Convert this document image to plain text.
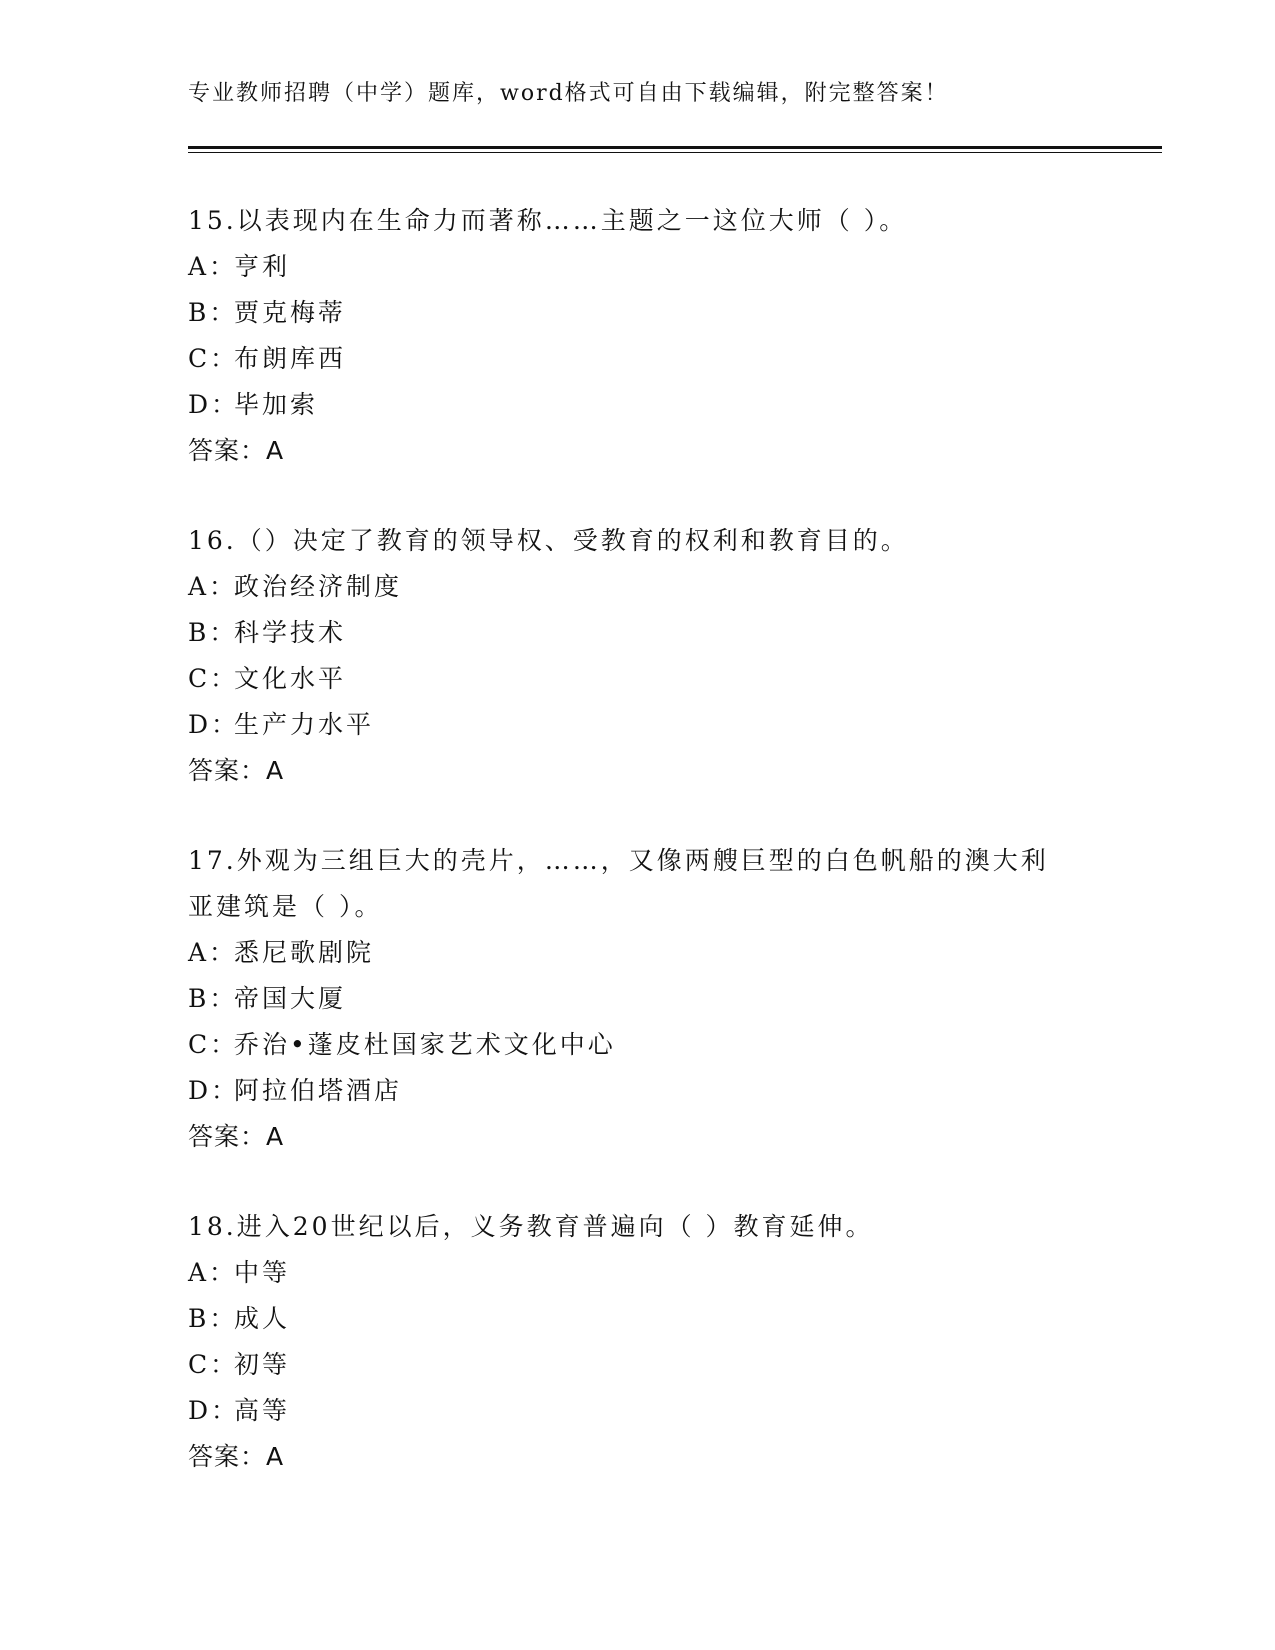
专业教师招聘（中学）题库，word格式可自由下载编辑，附完整答案！
15.以表现内在生命力而著称……主题之一这位大师（ ）。
A：亨利
B：贾克梅蒂
C：布朗库西
D：毕加索
答案：A
16.（）决定了教育的领导权、受教育的权利和教育目的。
A：政治经济制度
B：科学技术
C：文化水平
D：生产力水平
答案：A
17.外观为三组巨大的壳片，……，又像两艘巨型的白色帆船的澳大利
亚建筑是（ ）。
A：悉尼歌剧院
B：帝国大厦
C：乔治•蓬皮杜国家艺术文化中心
D：阿拉伯塔酒店
答案：A
18.进入20世纪以后，义务教育普遍向（ ）教育延伸。
A：中等
B：成人
C：初等
D：高等
答案：A
